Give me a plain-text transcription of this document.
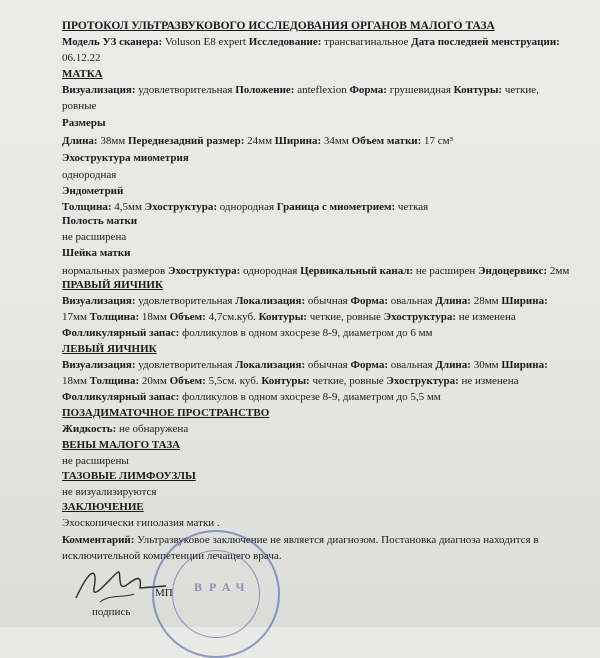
ПРОТОКОЛ УЛЬТРАЗВУКОВОГО ИССЛЕДОВАНИЯ ОРГАНОВ МАЛОГО ТАЗА
Модель УЗ сканера: Voluson E8 expert Исследование: трансвагинальное Дата последней менструации:
06.12.22
МАТКА
Визуализация: удовлетворительная Положение: anteflexion Форма: грушевидная Контуры: четкие,
ровные
Размеры
Длина: 38мм Переднезадний размер: 24мм Ширина: 34мм Объем матки: 17 см³
Эхоструктура миометрия
однородная
Эндометрий
Толщина: 4,5мм Эхоструктура: однородная Граница с миометрием: четкая
Полость матки
не расширена
Шейка матки
нормальных размеров Эхоструктура: однородная Цервикальный канал: не расширен Эндоцервикс: 2мм
ПРАВЫЙ ЯИЧНИК
Визуализация: удовлетворительная Локализация: обычная Форма: овальная Длина: 28мм Ширина:
17мм Толщина: 18мм Объем: 4,7см.куб. Контуры: четкие, ровные Эхоструктура: не изменена
Фолликулярный запас: фолликулов в одном эхосрезе 8-9, диаметром до 6 мм
ЛЕВЫЙ ЯИЧНИК
Визуализация: удовлетворительная Локализация: обычная Форма: овальная Длина: 30мм Ширина:
18мм Толщина: 20мм Объем: 5,5см. куб. Контуры: четкие, ровные Эхоструктура: не изменена
Фолликулярный запас: фолликулов в одном эхосрезе 8-9, диаметром до 5,5 мм
ПОЗАДИМАТОЧНОЕ ПРОСТРАНСТВО
Жидкость: не обнаружена
ВЕНЫ МАЛОГО ТАЗА
не расширены
ТАЗОВЫЕ ЛИМФОУЗЛЫ
не визуализируются
ЗАКЛЮЧЕНИЕ
Эхоскопически гиполазия матки .
Комментарий: Ультразвуковое заключение не является диагнозом. Постановка диагноза находится в
исключительной компетенции лечащего врача.
МП
подпись
ВРАЧ
